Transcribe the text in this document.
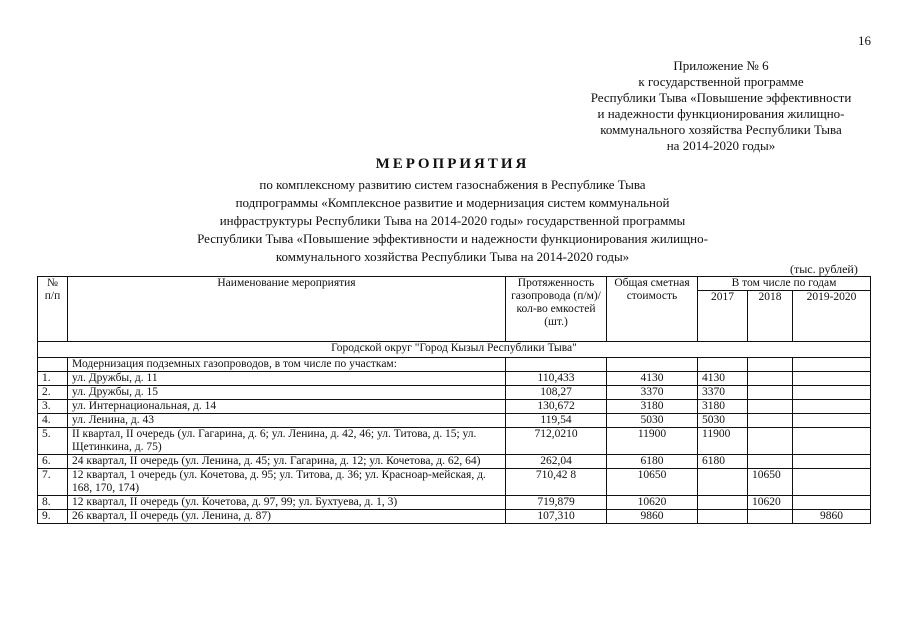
16
Приложение № 6
к государственной программе
Республики Тыва «Повышение эффективности
и надежности функционирования жилищно-
коммунального хозяйства Республики Тыва
на 2014-2020 годы»
МЕРОПРИЯТИЯ
по комплексному развитию систем газоснабжения в Республике Тыва
подпрограммы «Комплексное развитие и модернизация систем коммунальной
инфраструктуры Республики Тыва на 2014-2020 годы» государственной программы
Республики Тыва «Повышение эффективности и надежности функционирования жилищно-
коммунального хозяйства Республики Тыва на 2014-2020 годы»
(тыс. рублей)
№ п/п	Наименование мероприятия	Протяженность газопровода (п/м)/ кол-во емкостей (шт.)	Общая сметная стоимость	В том числе по годам		
				2017	2018	2019-2020
Городской округ "Город Кызыл Республики Тыва"						
	Модернизация подземных газопроводов, в том числе по участкам:					
1.	ул. Дружбы, д. 11	110,433	4130	4130		
2.	ул. Дружбы, д. 15	108,27	3370	3370		
3.	ул. Интернациональная, д. 14	130,672	3180	3180		
4.	ул. Ленина, д. 43	119,54	5030	5030		
5.	II квартал, II очередь (ул. Гагарина, д. 6; ул. Ленина, д. 42, 46; ул. Титова, д. 15; ул. Щетинкина, д. 75)	712,0210	11900	11900		
6.	24 квартал, II очередь (ул. Ленина, д. 45; ул. Гагарина, д. 12; ул. Кочетова, д. 62, 64)	262,04	6180	6180		
7.	12 квартал, 1 очередь (ул. Кочетова, д. 95; ул. Титова, д. 36; ул. Красноар-мейская, д. 168, 170, 174)	710,42 8	10650		10650	
8.	12 квартал, II очередь (ул. Кочетова, д. 97, 99; ул. Бухтуева, д. 1, 3)	719,879	10620		10620	
9.	26 квартал, II очередь (ул. Ленина, д. 87)	107,310	9860			9860
